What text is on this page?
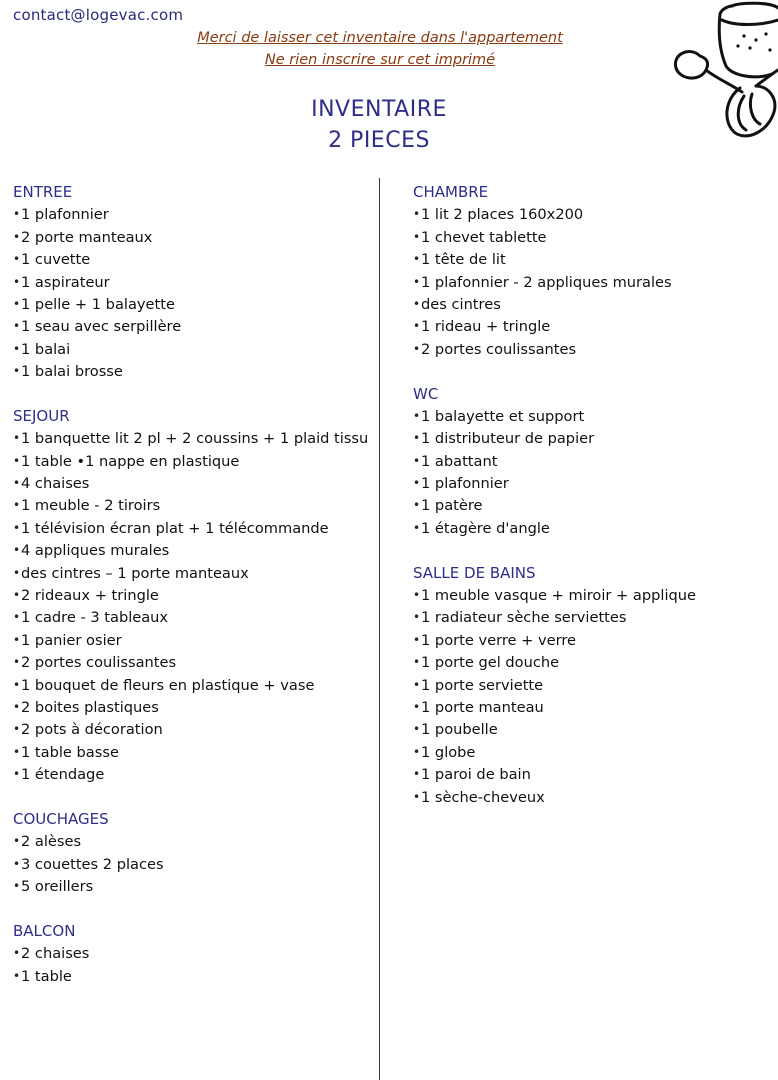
contact@logevac.com
Merci de laisser cet inventaire dans l'appartement
Ne rien inscrire sur cet imprimé
INVENTAIRE
2 PIECES
ENTREE
• 1 plafonnier
• 2 porte manteaux
• 1 cuvette
• 1 aspirateur
• 1 pelle + 1 balayette
• 1 seau avec serpillère
• 1 balai
• 1 balai brosse
SEJOUR
• 1 banquette lit 2 pl + 2 coussins + 1 plaid tissu
• 1 table •1 nappe en plastique
• 4 chaises
• 1 meuble - 2 tiroirs
• 1 télévision écran plat + 1 télécommande
• 4 appliques murales
• des cintres – 1 porte manteaux
• 2 rideaux + tringle
• 1 cadre - 3 tableaux
• 1 panier osier
• 2 portes coulissantes
• 1 bouquet de fleurs en plastique + vase
• 2 boites plastiques
• 2 pots à décoration
• 1 table basse
• 1 étendage
COUCHAGES
• 2 alèses
• 3 couettes 2 places
• 5 oreillers
BALCON
• 2 chaises
• 1 table
CHAMBRE
• 1 lit 2 places 160x200
• 1 chevet tablette
• 1 tête de lit
• 1 plafonnier - 2 appliques murales
• des cintres
• 1 rideau + tringle
• 2 portes coulissantes
WC
• 1 balayette et support
• 1 distributeur de papier
• 1 abattant
• 1 plafonnier
• 1 patère
• 1 étagère d'angle
SALLE DE BAINS
• 1 meuble vasque + miroir + applique
• 1 radiateur sèche serviettes
• 1 porte verre + verre
• 1 porte gel douche
• 1 porte serviette
• 1 porte manteau
• 1 poubelle
• 1 globe
• 1 paroi de bain
• 1 sèche-cheveux
